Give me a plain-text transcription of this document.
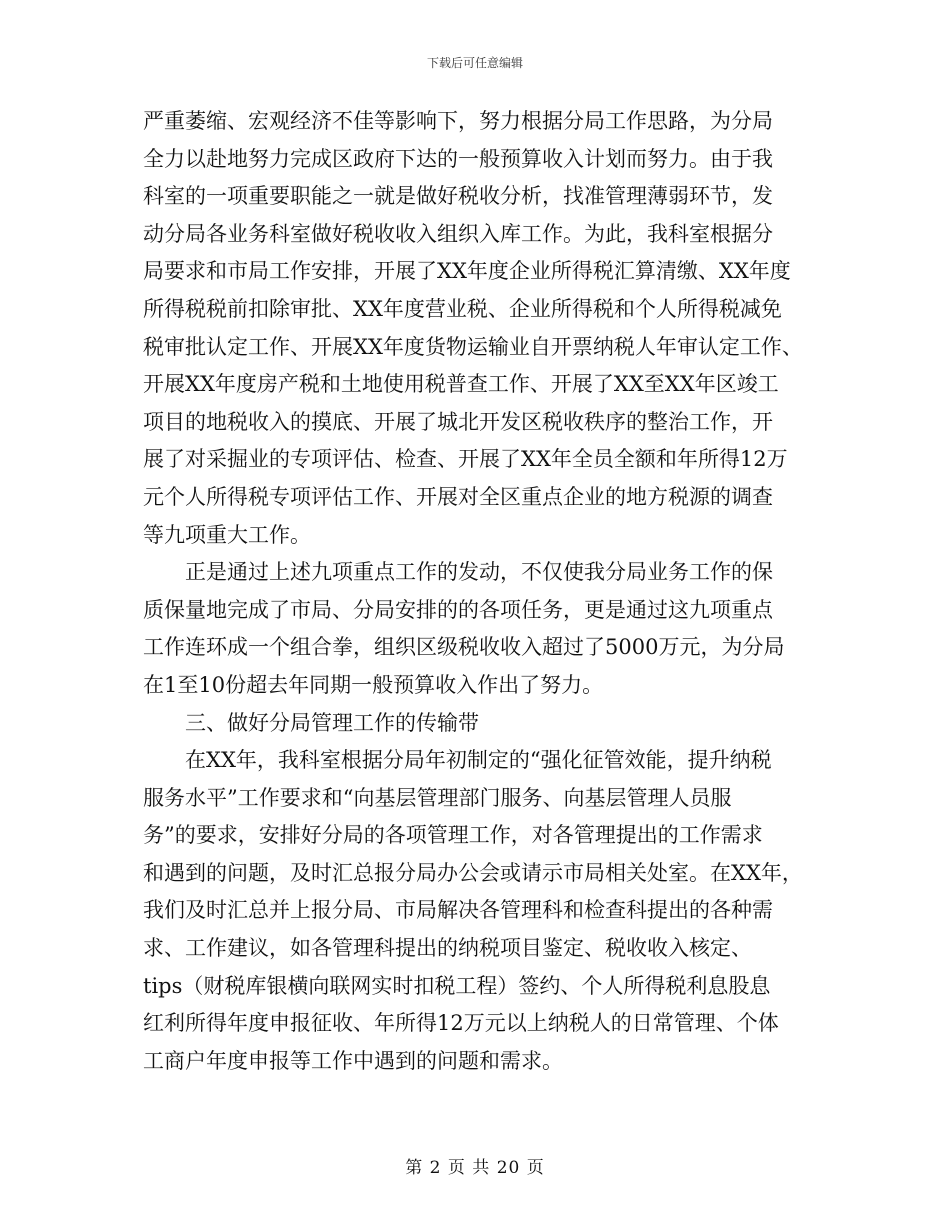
下载后可任意编辑
严重萎缩、宏观经济不佳等影响下，努力根据分局工作思路，为分局
全力以赴地努力完成区政府下达的一般预算收入计划而努力。由于我
科室的一项重要职能之一就是做好税收分析，找准管理薄弱环节，发
动分局各业务科室做好税收收入组织入库工作。为此，我科室根据分
局要求和市局工作安排，开展了XX年度企业所得税汇算清缴、XX年度
所得税税前扣除审批、XX年度营业税、企业所得税和个人所得税减免
税审批认定工作、开展XX年度货物运输业自开票纳税人年审认定工作、
开展XX年度房产税和土地使用税普查工作、开展了XX至XX年区竣工
项目的地税收入的摸底、开展了城北开发区税收秩序的整治工作，开
展了对采掘业的专项评估、检查、开展了XX年全员全额和年所得12万
元个人所得税专项评估工作、开展对全区重点企业的地方税源的调查
等九项重大工作。
　　正是通过上述九项重点工作的发动，不仅使我分局业务工作的保
质保量地完成了市局、分局安排的的各项任务，更是通过这九项重点
工作连环成一个组合拳，组织区级税收收入超过了5000万元，为分局
在1至10份超去年同期一般预算收入作出了努力。
　　三、做好分局管理工作的传输带
　　在XX年，我科室根据分局年初制定的“强化征管效能，提升纳税
服务水平”工作要求和“向基层管理部门服务、向基层管理人员服
务”的要求，安排好分局的各项管理工作，对各管理提出的工作需求
和遇到的问题，及时汇总报分局办公会或请示市局相关处室。在XX年，
我们及时汇总并上报分局、市局解决各管理科和检查科提出的各种需
求、工作建议，如各管理科提出的纳税项目鉴定、税收收入核定、
tips（财税库银横向联网实时扣税工程）签约、个人所得税利息股息
红利所得年度申报征收、年所得12万元以上纳税人的日常管理、个体
工商户年度申报等工作中遇到的问题和需求。
第 2 页 共 20 页
